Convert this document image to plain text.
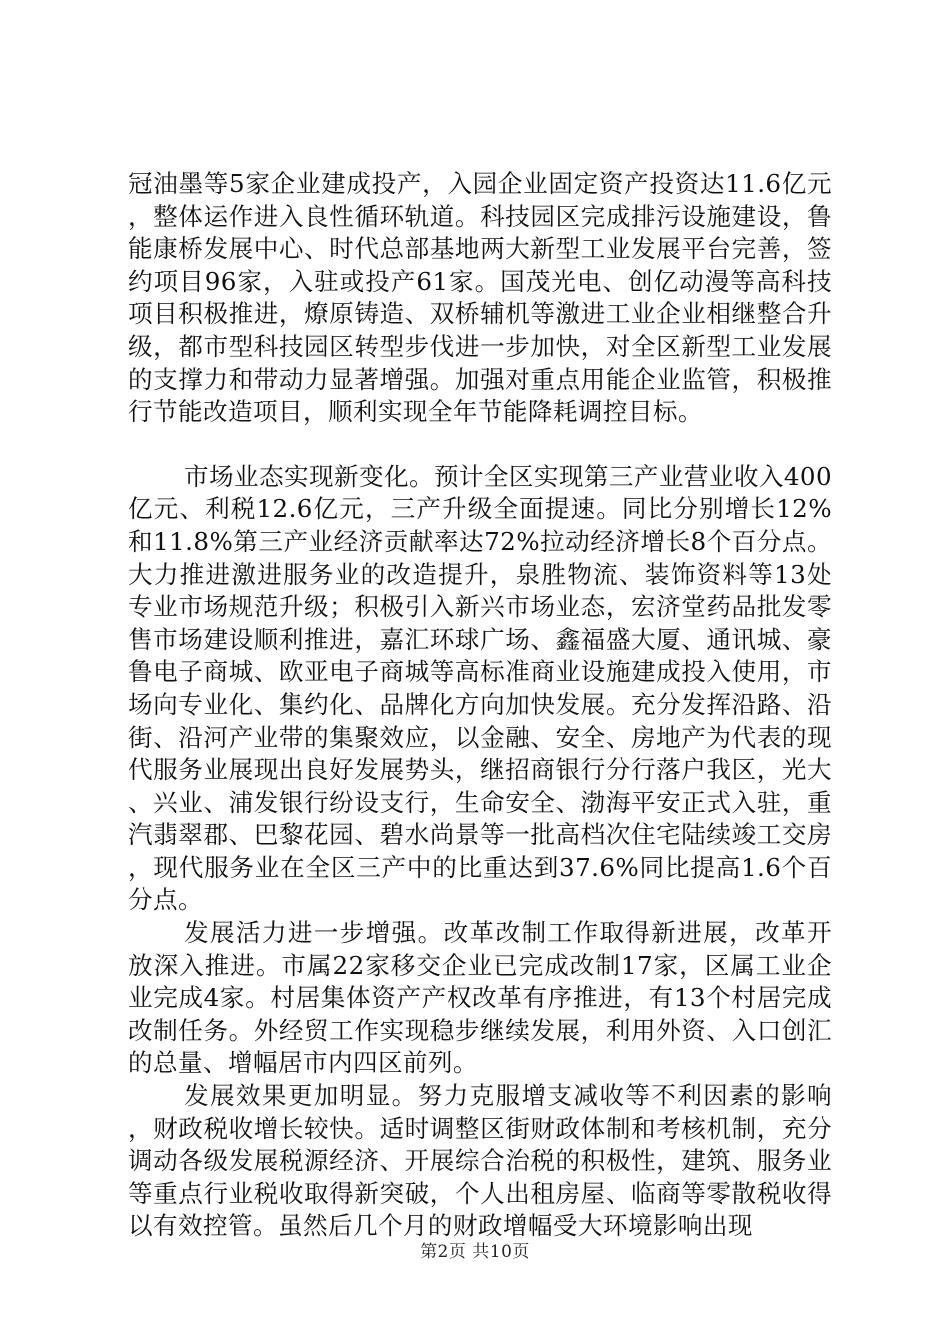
冠油墨等5家企业建成投产，入园企业固定资产投资达11.6亿元，整体运作进入良性循环轨道。科技园区完成排污设施建设，鲁能康桥发展中心、时代总部基地两大新型工业发展平台完善，签约项目96家，入驻或投产61家。国茂光电、创亿动漫等高科技项目积极推进，燎原铸造、双桥辅机等激进工业企业相继整合升级，都市型科技园区转型步伐进一步加快，对全区新型工业发展的支撑力和带动力显著增强。加强对重点用能企业监管，积极推行节能改造项目，顺利实现全年节能降耗调控目标。

市场业态实现新变化。预计全区实现第三产业营业收入400亿元、利税12.6亿元，三产升级全面提速。同比分别增长12%和11.8%第三产业经济贡献率达72%拉动经济增长8个百分点。大力推进激进服务业的改造提升，泉胜物流、装饰资料等13处专业市场规范升级；积极引入新兴市场业态，宏济堂药品批发零售市场建设顺利推进，嘉汇环球广场、鑫福盛大厦、通讯城、豪鲁电子商城、欧亚电子商城等高标准商业设施建成投入使用，市场向专业化、集约化、品牌化方向加快发展。充分发挥沿路、沿街、沿河产业带的集聚效应，以金融、安全、房地产为代表的现代服务业展现出良好发展势头，继招商银行分行落户我区，光大、兴业、浦发银行纷设支行，生命安全、渤海平安正式入驻，重汽翡翠郡、巴黎花园、碧水尚景等一批高档次住宅陆续竣工交房，现代服务业在全区三产中的比重达到37.6%同比提高1.6个百分点。

发展活力进一步增强。改革改制工作取得新进展，改革开放深入推进。市属22家移交企业已完成改制17家，区属工业企业完成4家。村居集体资产产权改革有序推进，有13个村居完成改制任务。外经贸工作实现稳步继续发展，利用外资、入口创汇的总量、增幅居市内四区前列。

发展效果更加明显。努力克服增支减收等不利因素的影响，财政税收增长较快。适时调整区街财政体制和考核机制，充分调动各级发展税源经济、开展综合治税的积极性，建筑、服务业等重点行业税收取得新突破，个人出租房屋、临商等零散税收得以有效控管。虽然后几个月的财政增幅受大环境影响出现

第2页 共10页
